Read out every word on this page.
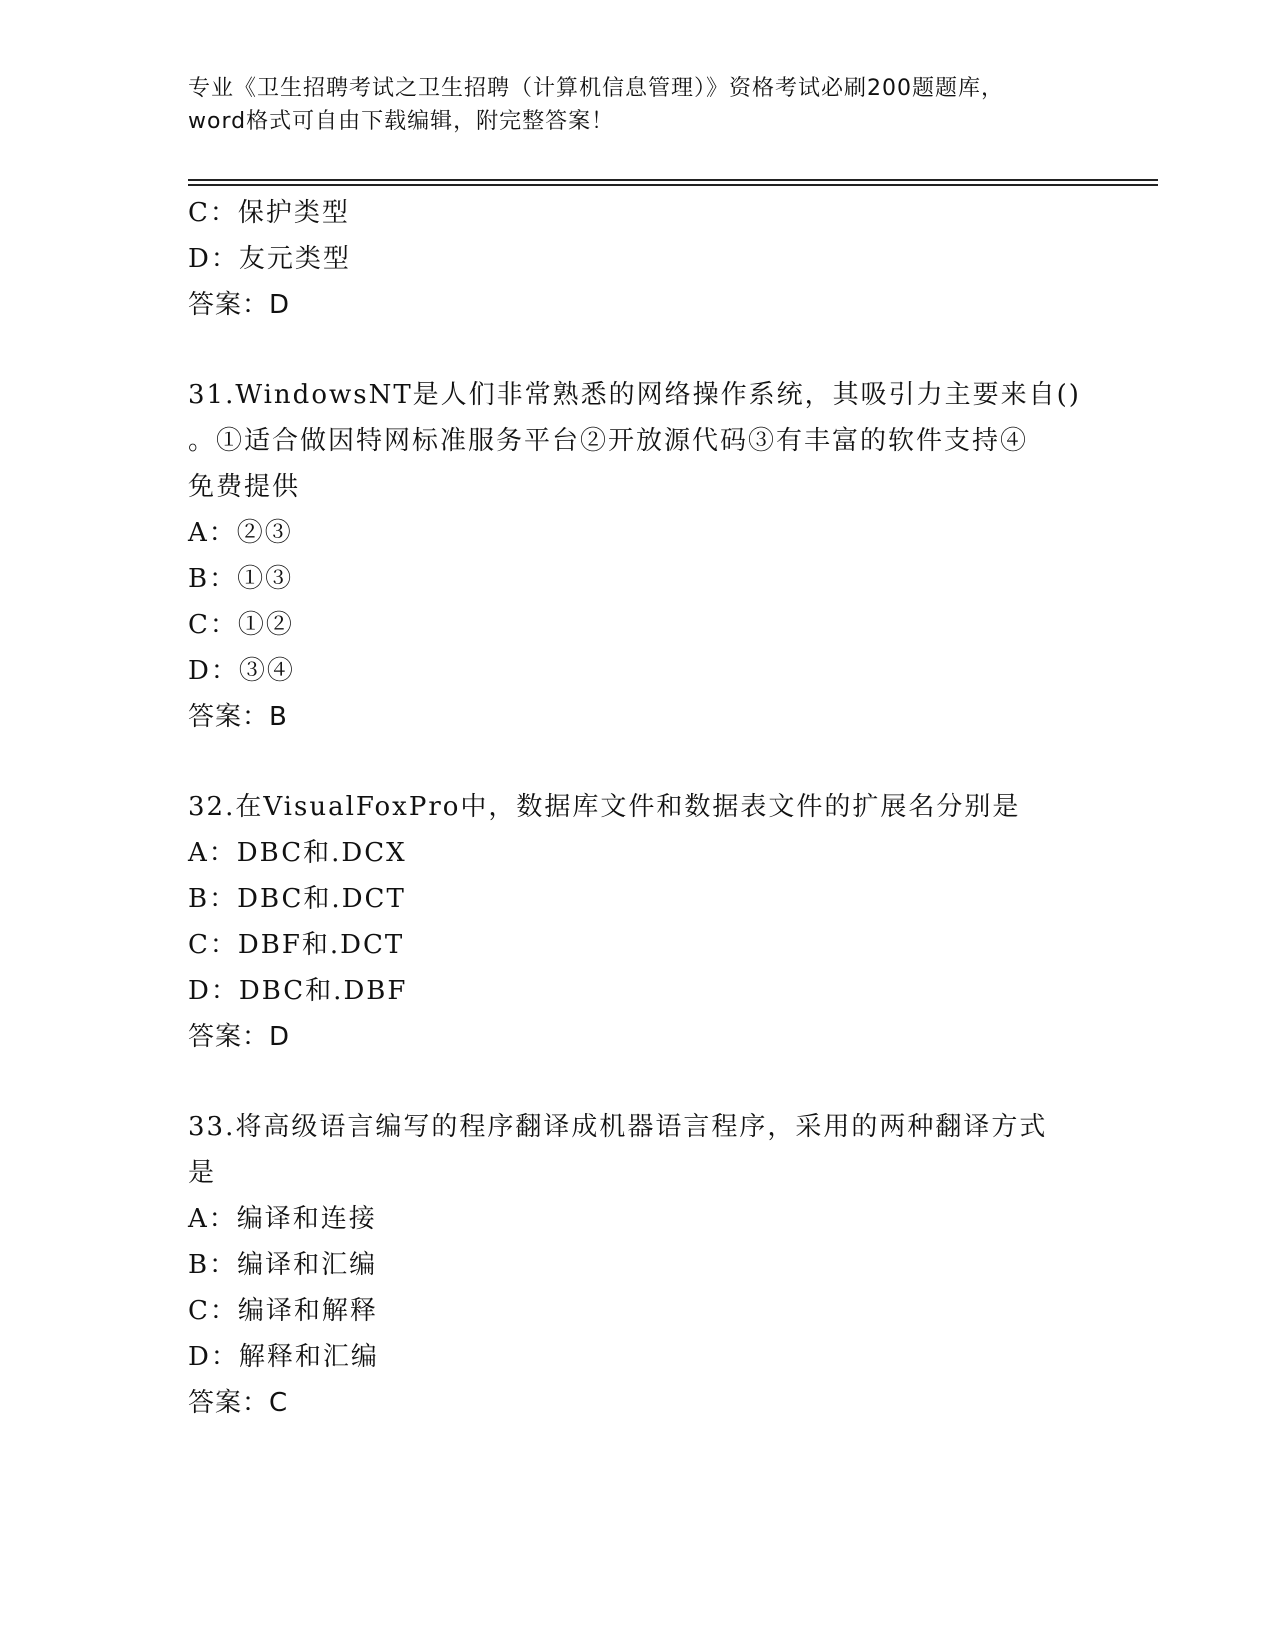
专业《卫生招聘考试之卫生招聘（计算机信息管理）》资格考试必刷200题题库，
word格式可自由下载编辑，附完整答案！
C：保护类型
D：友元类型
答案：D
31.WindowsNT是人们非常熟悉的网络操作系统，其吸引力主要来自()
。①适合做因特网标准服务平台②开放源代码③有丰富的软件支持④
免费提供
A：②③
B：①③
C：①②
D：③④
答案：B
32.在VisualFoxPro中，数据库文件和数据表文件的扩展名分别是
A：DBC和.DCX
B：DBC和.DCT
C：DBF和.DCT
D：DBC和.DBF
答案：D
33.将高级语言编写的程序翻译成机器语言程序，采用的两种翻译方式
是
A：编译和连接
B：编译和汇编
C：编译和解释
D：解释和汇编
答案：C
